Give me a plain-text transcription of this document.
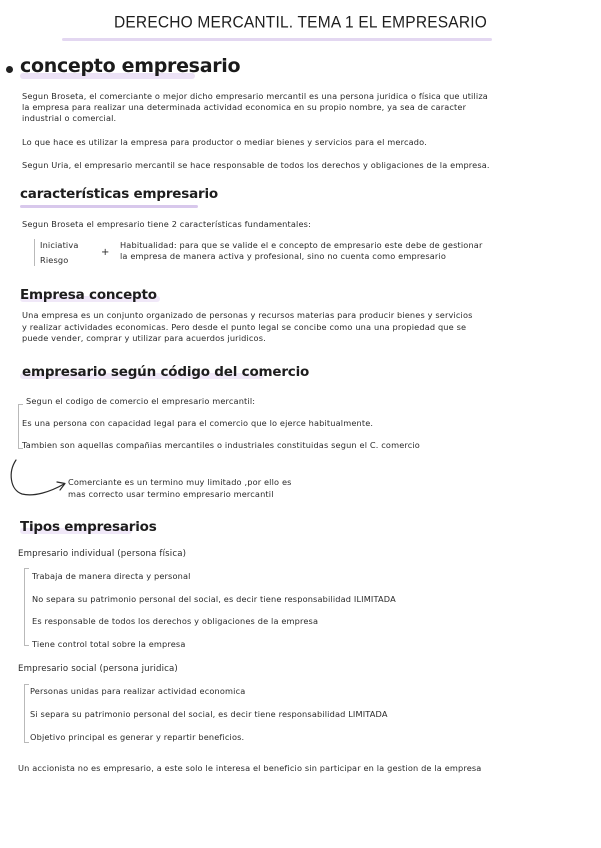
DERECHO MERCANTIL. TEMA 1 EL EMPRESARIO
concepto empresario
Segun Broseta, el comerciante o mejor dicho empresario mercantil es una persona juridica o física que utiliza
la empresa para realizar una determinada actividad economica en su propio nombre, ya sea de caracter
industrial o comercial.
Lo que hace es utilizar la empresa para productor o mediar bienes y servicios para el mercado.
Segun Uria, el empresario mercantil se hace responsable de todos los derechos y obligaciones de la empresa.
características empresario
Segun Broseta el empresario tiene 2 características fundamentales:
Iniciativa
Riesgo
+
Habitualidad: para que se valide el e concepto de empresario este debe de gestionar
la empresa de manera activa y profesional, sino no cuenta como empresario
Empresa concepto
Una empresa es un conjunto organizado de personas y recursos materias para producir bienes y servicios
y realizar actividades economicas. Pero desde el punto legal se concibe como una una propiedad que se
puede vender, comprar y utilizar para acuerdos juridicos.
empresario según código del comercio
Segun el codigo de comercio el empresario mercantil:
Es una persona con capacidad legal para el comercio que lo ejerce habitualmente.
Tambien son aquellas compañias mercantiles o industriales constituidas segun el C. comercio
Comerciante es un termino muy limitado ,por ello es
mas correcto usar termino empresario mercantil
Tipos empresarios
Empresario individual (persona física)
Trabaja de manera directa y personal
No separa su patrimonio personal del social, es decir tiene responsabilidad ILIMITADA
Es responsable de todos los derechos y obligaciones de la empresa
Tiene control total sobre la empresa
Empresario social (persona juridica)
Personas unidas para realizar actividad economica
Si separa su patrimonio personal del social, es decir tiene responsabilidad LIMITADA
Objetivo principal es generar y repartir beneficios.
Un accionista no es empresario, a este solo le interesa el beneficio sin participar en la gestion de la empresa
